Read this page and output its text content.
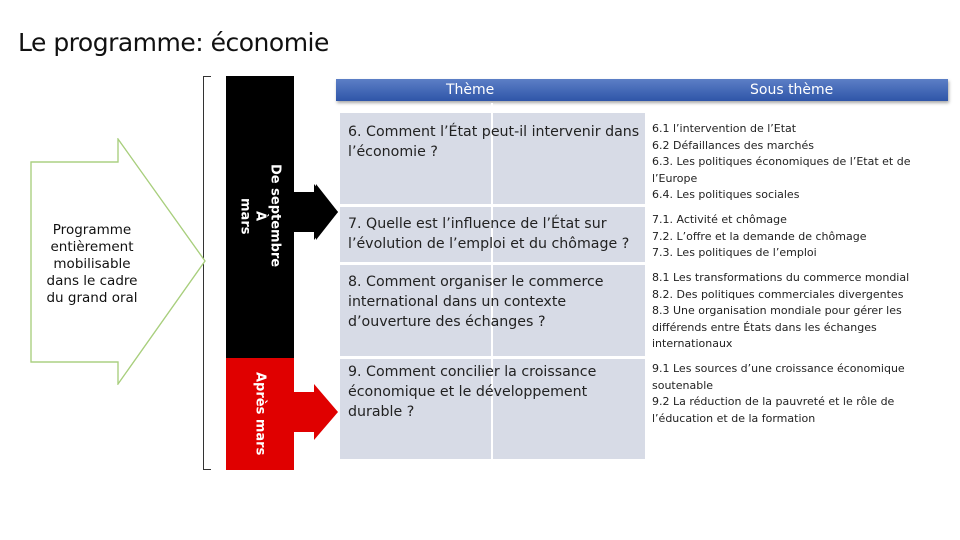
Le programme: économie
Programme entièrement mobilisable dans le cadre du grand oral
De septembre
À
mars
Après mars
Thème	Sous thème
6. Comment l’État peut-il intervenir dans l’économie ?
7. Quelle est l’influence de l’État sur l’évolution de l’emploi et du chômage ?
8. Comment organiser le commerce international dans un contexte d’ouverture des échanges ?
9. Comment concilier la croissance économique et le développement durable ?
6.1 l’intervention de l’Etat
6.2 Défaillances des marchés
6.3. Les politiques économiques de l’Etat et de l’Europe
6.4. Les politiques sociales
7.1. Activité et chômage
7.2. L’offre et la demande de chômage
7.3. Les politiques de l’emploi
8.1 Les transformations du commerce mondial
8.2. Des politiques commerciales divergentes
8.3 Une organisation mondiale pour gérer les différends entre États dans les échanges internationaux
9.1 Les sources d’une croissance économique soutenable
9.2 La réduction de la pauvreté et le rôle de l’éducation et de la formation
